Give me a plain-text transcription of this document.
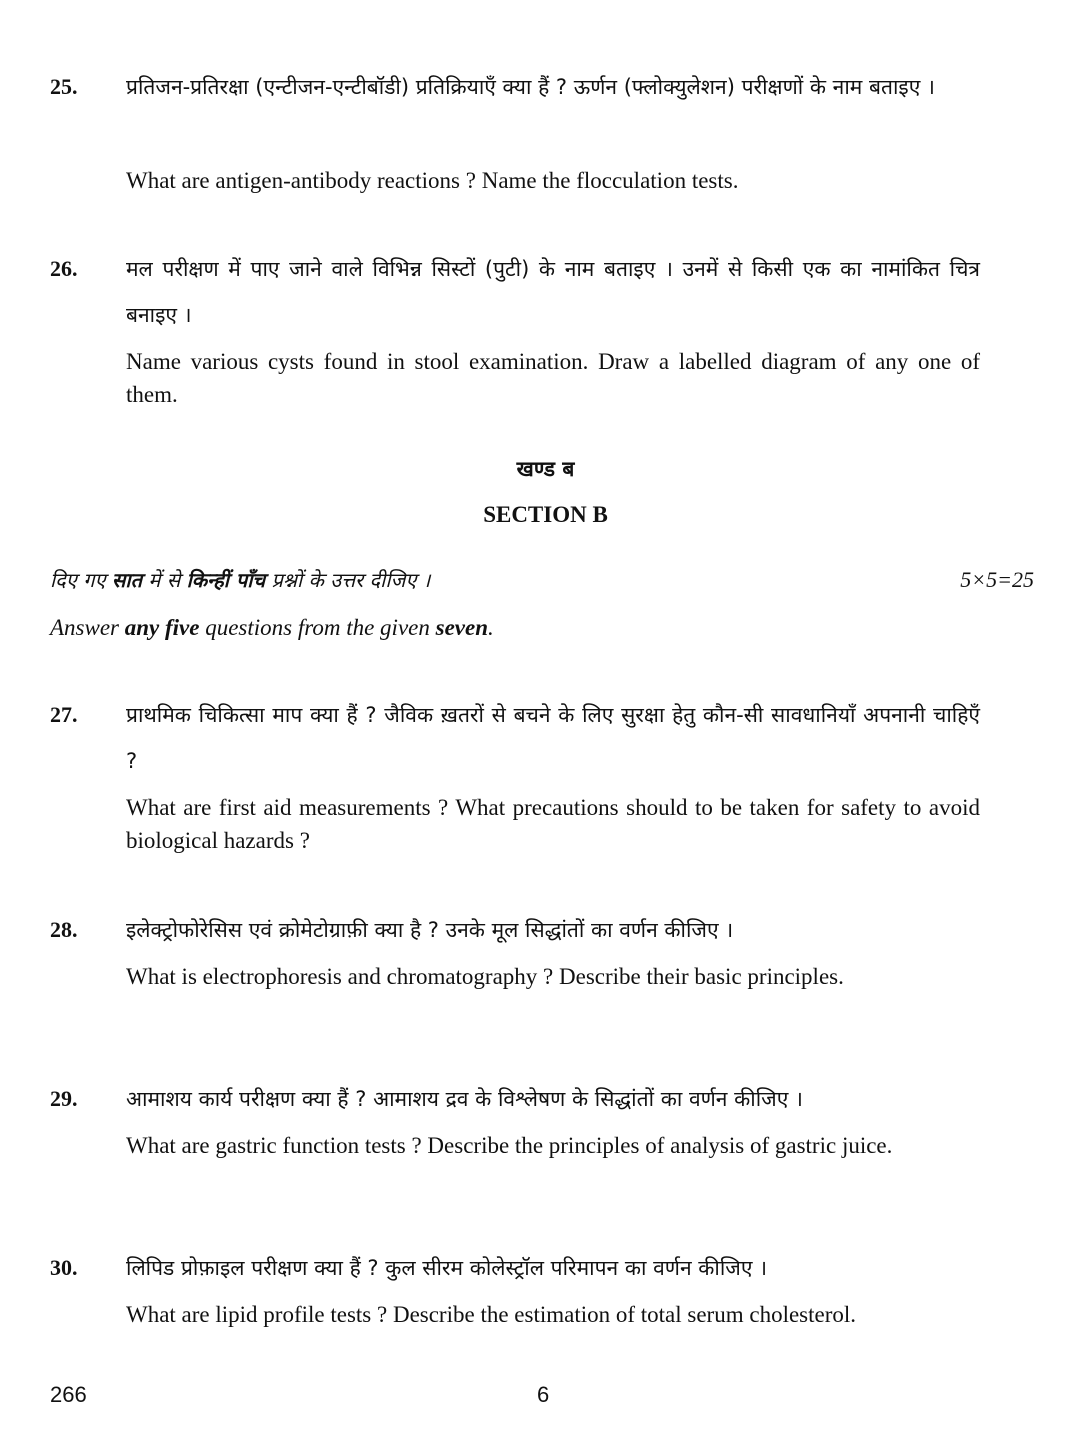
25. प्रतिजन-प्रतिरक्षा (एन्टीजन-एन्टीबॉडी) प्रतिक्रियाएँ क्या हैं ? ऊर्णन (फ्लोक्युलेशन) परीक्षणों के नाम बताइए ।
What are antigen-antibody reactions ? Name the flocculation tests.
26. मल परीक्षण में पाए जाने वाले विभिन्न सिस्टों (पुटी) के नाम बताइए । उनमें से किसी एक का नामांकित चित्र बनाइए ।
Name various cysts found in stool examination. Draw a labelled diagram of any one of them.
खण्ड ब
SECTION B
दिए गए सात में से किन्हीं पाँच प्रश्नों के उत्तर दीजिए ।	5×5=25
Answer any five questions from the given seven.
27. प्राथमिक चिकित्सा माप क्या हैं ? जैविक ख़तरों से बचने के लिए सुरक्षा हेतु कौन-सी सावधानियाँ अपनानी चाहिएँ ?
What are first aid measurements ? What precautions should to be taken for safety to avoid biological hazards ?
28. इलेक्ट्रोफोरेसिस एवं क्रोमेटोग्राफ़ी क्या है ? उनके मूल सिद्धांतों का वर्णन कीजिए ।
What is electrophoresis and chromatography ? Describe their basic principles.
29. आमाशय कार्य परीक्षण क्या हैं ? आमाशय द्रव के विश्लेषण के सिद्धांतों का वर्णन कीजिए ।
What are gastric function tests ? Describe the principles of analysis of gastric juice.
30. लिपिड प्रोफ़ाइल परीक्षण क्या हैं ? कुल सीरम कोलेस्ट्रॉल परिमापन का वर्णन कीजिए ।
What are lipid profile tests ? Describe the estimation of total serum cholesterol.
266	6
